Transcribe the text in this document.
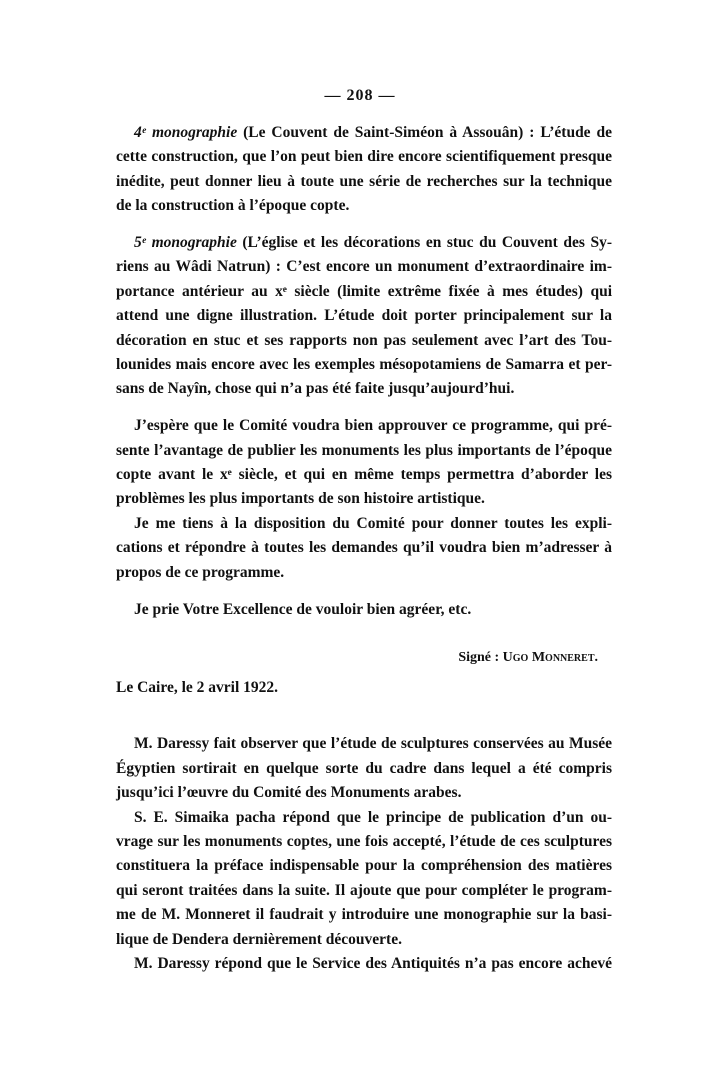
— 208 —
4ᵉ monographie (Le Couvent de Saint-Siméon à Assouân) : L’étude de
cette construction, que l’on peut bien dire encore scientifiquement presque
inédite, peut donner lieu à toute une série de recherches sur la technique
de la construction à l’époque copte.
5ᵉ monographie (L’église et les décorations en stuc du Couvent des Sy-
riens au Wâdi Natrun) : C’est encore un monument d’extraordinaire im-
portance antérieur au xᵉ siècle (limite extrême fixée à mes études) qui
attend une digne illustration. L’étude doit porter principalement sur la
décoration en stuc et ses rapports non pas seulement avec l’art des Tou-
lounides mais encore avec les exemples mésopotamiens de Samarra et per-
sans de Nayîn, chose qui n’a pas été faite jusqu’aujourd’hui.
J’espère que le Comité voudra bien approuver ce programme, qui pré-
sente l’avantage de publier les monuments les plus importants de l’époque
copte avant le xᵉ siècle, et qui en même temps permettra d’aborder les
problèmes les plus importants de son histoire artistique.
Je me tiens à la disposition du Comité pour donner toutes les expli-
cations et répondre à toutes les demandes qu’il voudra bien m’adresser à
propos de ce programme.
Je prie Votre Excellence de vouloir bien agréer, etc.
Signé : Ugo Monneret.
Le Caire, le 2 avril 1922.
M. Daressy fait observer que l’étude de sculptures conservées au Musée
Égyptien sortirait en quelque sorte du cadre dans lequel a été compris
jusqu’ici l’œuvre du Comité des Monuments arabes.
S. E. Simaika pacha répond que le principe de publication d’un ou-
vrage sur les monuments coptes, une fois accepté, l’étude de ces sculptures
constituera la préface indispensable pour la compréhension des matières
qui seront traitées dans la suite. Il ajoute que pour compléter le program-
me de M. Monneret il faudrait y introduire une monographie sur la basi-
lique de Dendera dernièrement découverte.
M. Daressy répond que le Service des Antiquités n’a pas encore achevé
